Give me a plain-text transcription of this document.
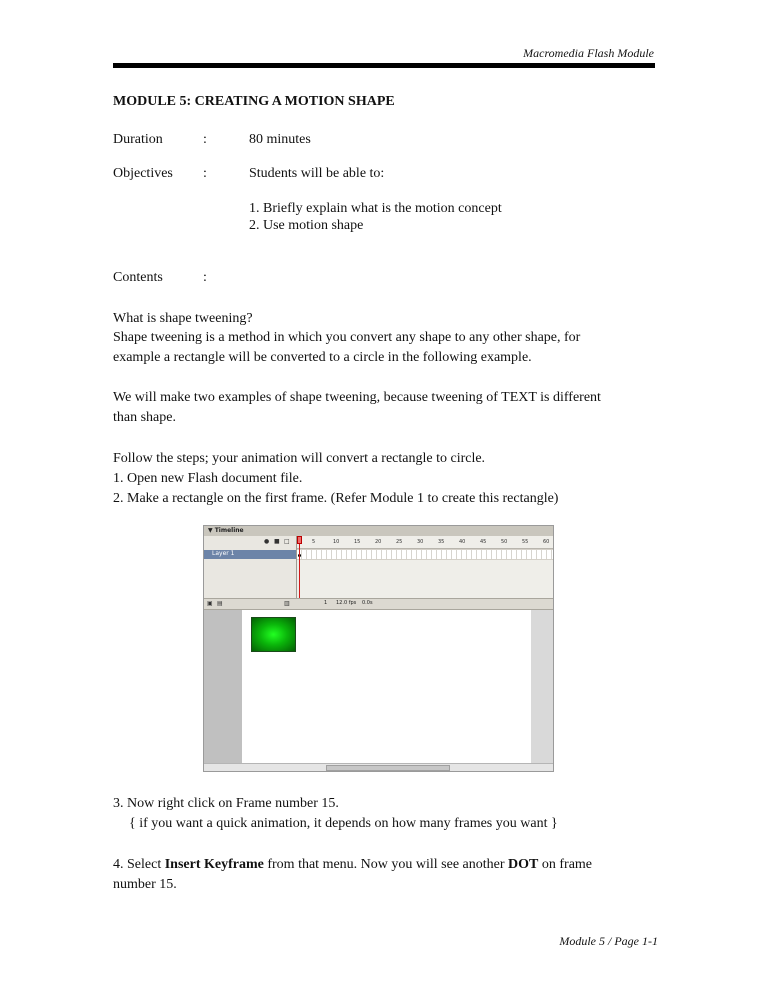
Macromedia Flash Module
MODULE 5: CREATING A MOTION SHAPE
Duration	:	80 minutes
Objectives :	Students will be able to:
1. Briefly explain what is the motion concept
2. Use motion shape
Contents	:
What is shape tweening?
Shape tweening is a method in which you convert any shape to any other shape, for
example a rectangle will be converted to a circle in the following example.
We will make two examples of shape tweening, because tweening of TEXT is different
than shape.
Follow the steps; your animation will convert a rectangle to circle.
1. Open new Flash document file.
2. Make a rectangle on the first frame. (Refer Module 1 to create this rectangle)
▼ Timeline
● ■ □
Layer 1
5	10	15	20	25	30	35	40	45	50	55	60
▣ ▤	▥	1 12.0 fps 0.0s
3. Now right click on Frame number 15.
{ if you want a quick animation, it depends on how many frames you want }
4. Select Insert Keyframe from that menu. Now you will see another DOT on frame
number 15.
Module 5 / Page 1-1
